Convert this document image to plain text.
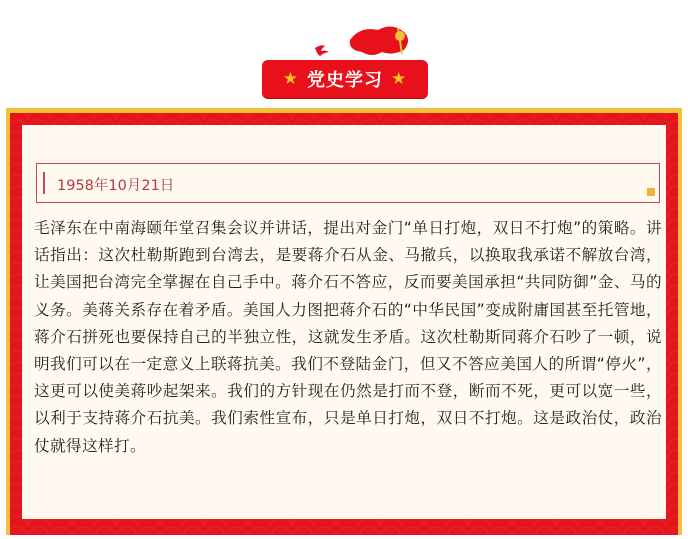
★ 党史学习 ★
1958年10月21日

毛泽东在中南海颐年堂召集会议并讲话，提出对金门“单日打炮，双日不打炮”的策略。讲话指出：这次杜勒斯跑到台湾去，是要蒋介石从金、马撤兵，以换取我承诺不解放台湾，让美国把台湾完全掌握在自己手中。蒋介石不答应，反而要美国承担“共同防御”金、马的义务。美蒋关系存在着矛盾。美国人力图把蒋介石的“中华民国”变成附庸国甚至托管地，蒋介石拼死也要保持自己的半独立性，这就发生矛盾。这次杜勒斯同蒋介石吵了一顿，说明我们可以在一定意义上联蒋抗美。我们不登陆金门，但又不答应美国人的所谓“停火”，这更可以使美蒋吵起架来。我们的方针现在仍然是打而不登，断而不死，更可以宽一些，以利于支持蒋介石抗美。我们索性宣布，只是单日打炮，双日不打炮。这是政治仗，政治仗就得这样打。
